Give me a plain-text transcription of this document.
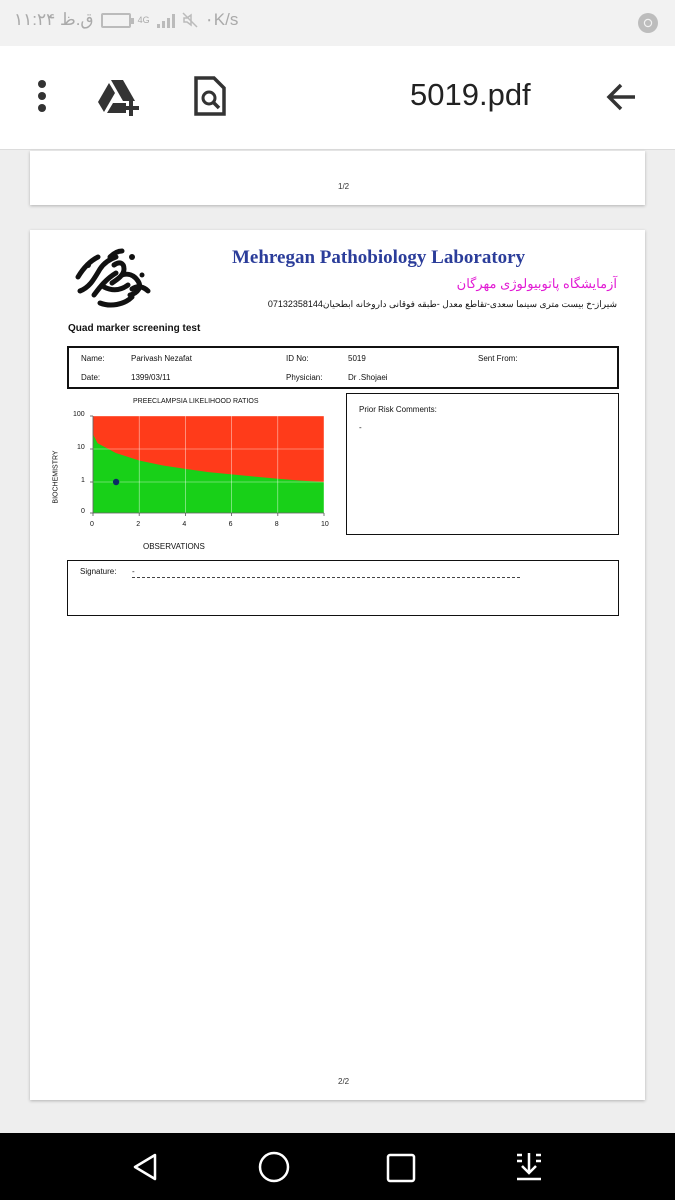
۱۱:۲۴ ق.ظ	4G	۰K/s
5019.pdf
1/2
Mehregan Pathobiology Laboratory
آزمایشگاه پاتوبیولوژی مهرگان
شیراز-خ بیست متری سینما سعدی-تقاطع معدل -طبقه فوقانی داروخانه ابطحیان07132358144
Quad marker screening test
Name:	Parivash Nezafat	ID No:	5019	Sent From:
Date:	1399/03/11	Physician:	Dr .Shojaei
PREECLAMPSIA LIKELIHOOD RATIOS
BIOCHEMISTRY
OBSERVATIONS
0	2	4	6	8	10
0
1
10
100
Prior Risk Comments:
-
Signature: -
2/2
